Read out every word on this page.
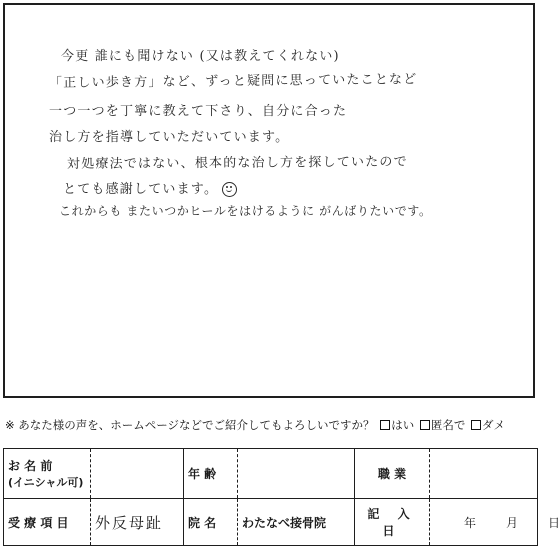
今更 誰にも聞けない (又は教えてくれない)
「正しい歩き方」など、ずっと疑問に思っていたことなど
一つ一つを丁寧に教えて下さり、自分に合った
治し方を指導していただいています。
対処療法ではない、根本的な治し方を探していたので
とても感謝しています。
これからも またいつかヒールをはけるように がんばりたいです。
※ あなた様の声を、ホームページなどでご紹介してもよろしいですか？ はい 匿名で ダメ
お 名 前
(イニシャル可)		年 齢		職 業	
受 療 項 目	外反母趾	院 名	わたなべ接骨院	記 入 日	年 月 日
